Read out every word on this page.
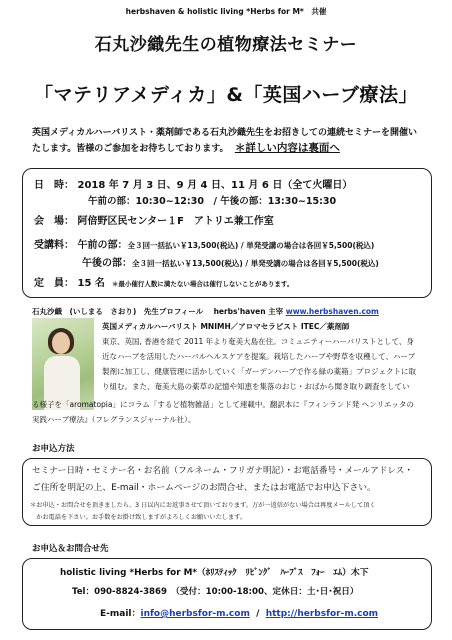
herbshaven & holistic living *Herbs for M*　共催
石丸沙織先生の植物療法セミナー
「マテリアメディカ」&「英国ハーブ療法」
英国メディカルハーバリスト・薬剤師である石丸沙織先生をお招きしての連続セミナーを開催い
たします。皆様のご参加をお待ちしております。 ＊詳しい内容は裏面へ
日　時： 2018 年 7 月 3 日、9 月 4 日、11 月 6 日（全て火曜日）
午前の部：10:30~12:30　/ 午後の部：13:30~15:30
会　場： 阿倍野区民センター１F　アトリエ兼工作室
受講料： 午前の部：全３回一括払い￥13,500(税込) / 単発受講の場合は各回￥5,500(税込)
午後の部：全３回一括払い￥13,500(税込) / 単発受講の場合は各回￥5,500(税込)
定　員： 15 名 ＊最小催行人数に満たない場合は催行しないことがあります。
石丸沙織　(いしまる　さおり)　先生プロフィール herbs'haven 主宰 www.herbshaven.com
英国メディカルハーバリスト MNIMH／アロマセラピスト ITEC／薬剤師
東京、英国, 香港を経て 2011 年より奄美大島在住。コミュニティーハーバリストとして、身
近なハーブを活用したハーバルヘルスケアを提案。栽培したハーブや野草を収穫して、ハーブ
製剤に加工し、健康管理に活かしていく「ガーデンハーブで作る緑の薬箱」プロジェクトに取
り組む。また、奄美大島の薬草の記憶や知恵を集落のおじ・おばから聞き取り調査をしてい
る様子を「aromatopia」にコラム「するど植物雑話」として連載中。翻訳本に『フィンランド発 ヘンリエッタの
実践ハーブ療法』（フレグランスジャーナル社）。
お申込方法
セミナー日時・セミナー名・お名前（フルネーム・フリガナ明記）・お電話番号・メールアドレス・
ご住所を明記の上、E-mail・ホームページのお問合せ、またはお電話でお申込下さい。
＊お申込・お問合せを頂きましたら、3 日以内にお返事させて頂いております。万が一返信がない場合は再度メールして頂く
　かお電話を下さい。お手数をお掛け致しますがよろしくお願いいたします。
お申込＆お問合せ先
holistic living *Herbs for M*（ﾎﾘｽﾃｨｯｸ　ﾘﾋﾞﾝｸﾞ　ﾊｰﾌﾞｽ　ﾌｫｰ　ｴﾑ）木下
Tel：090-8824-3869　（受付：10:00-18:00、定休日：土･日･祝日）
E-mail：info@herbsfor-m.com / http://herbsfor-m.com
